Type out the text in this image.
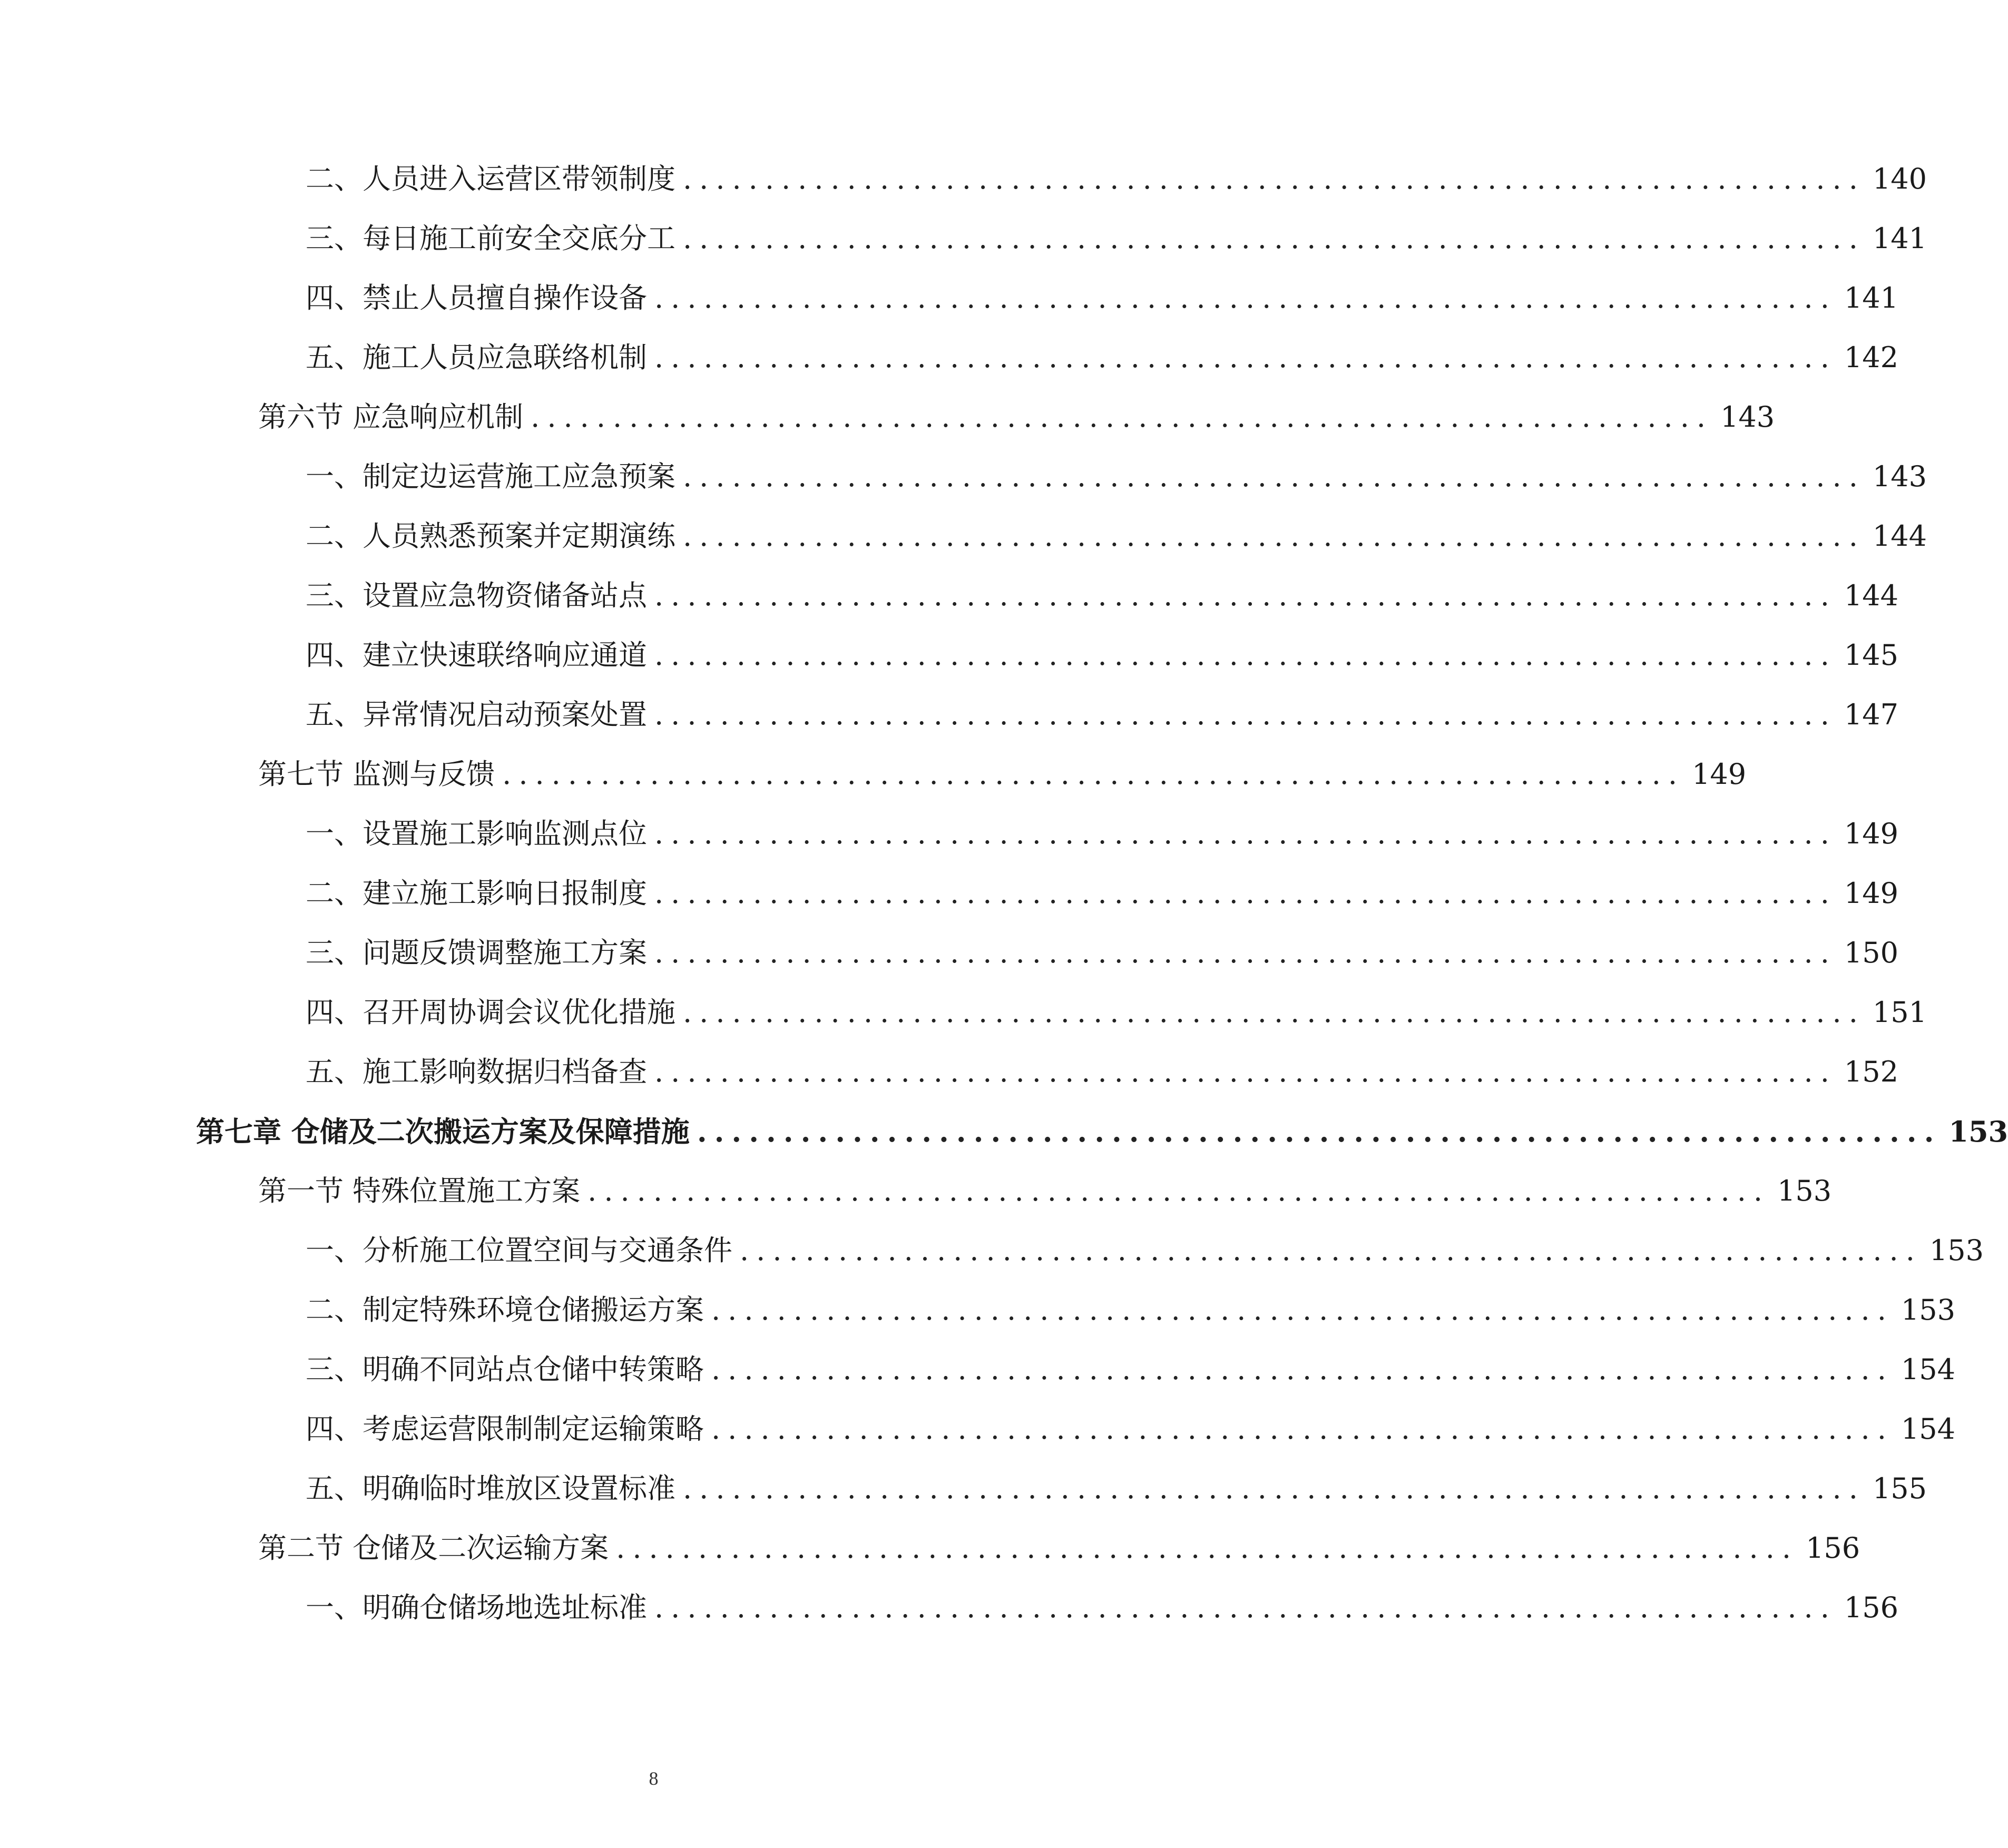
二、人员进入运营区带领制度 ........................................................................ 140
三、每日施工前安全交底分工 ........................................................................ 141
四、禁止人员擅自操作设备 ........................................................................ 141
五、施工人员应急联络机制 ........................................................................ 142
第六节 应急响应机制 ........................................................................ 143
一、制定边运营施工应急预案 ........................................................................ 143
二、人员熟悉预案并定期演练 ........................................................................ 144
三、设置应急物资储备站点 ........................................................................ 144
四、建立快速联络响应通道 ........................................................................ 145
五、异常情况启动预案处置 ........................................................................ 147
第七节 监测与反馈 ........................................................................ 149
一、设置施工影响监测点位 ........................................................................ 149
二、建立施工影响日报制度 ........................................................................ 149
三、问题反馈调整施工方案 ........................................................................ 150
四、召开周协调会议优化措施 ........................................................................ 151
五、施工影响数据归档备查 ........................................................................ 152
第七章 仓储及二次搬运方案及保障措施 ........................................................................ 153
第一节 特殊位置施工方案 ........................................................................ 153
一、分析施工位置空间与交通条件 ........................................................................ 153
二、制定特殊环境仓储搬运方案 ........................................................................ 153
三、明确不同站点仓储中转策略 ........................................................................ 154
四、考虑运营限制制定运输策略 ........................................................................ 154
五、明确临时堆放区设置标准 ........................................................................ 155
第二节 仓储及二次运输方案 ........................................................................ 156
一、明确仓储场地选址标准 ........................................................................ 156
8
